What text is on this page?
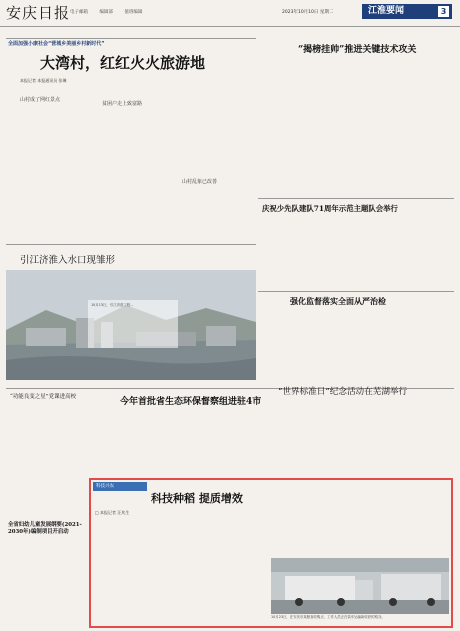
安庆日报 电子邮箱	编辑部	值班编辑	2023年10月10日 星期二	江淮要闻	3
全面加强小康社会“营城乡美丽乡村新时代”
大湾村，红红火火旅游地
本报记者 本报通讯员 张琳
山村成了网红景点
贫困户走上致富路
山村乱象已改善
“揭榜挂帅”推进关键技术攻关
庆祝少先队建队71周年示范主题队会举行
强化监督落实全面从严治检
引江济淮入水口现雏形
10月13日，引江济淮工程...
今年首批省生态环保督察组进驻4市
“世界标准日”纪念活动在芜湖举行
“功能良变之星”党课进高校
全省妇幼儿童发展纲要(2021-2030年)编制项目开启动
科技兴农
科技种稻 提质增效
□ 本报记者 汪兆生
10月23日，在安庆市某粮食收购点，工作人员正在装车运输新收获的稻谷。
